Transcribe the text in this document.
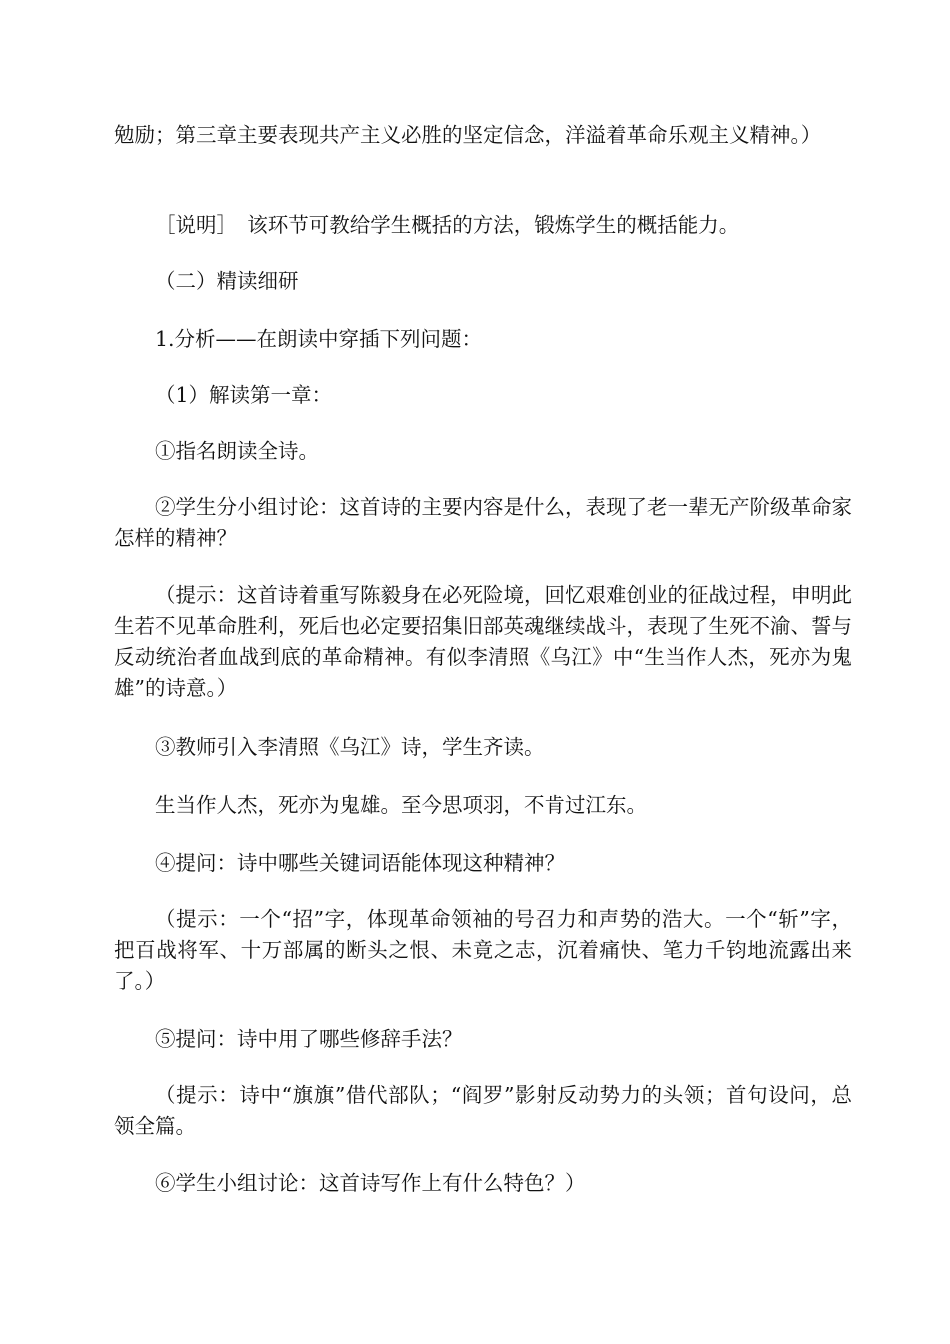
勉励；第三章主要表现共产主义必胜的坚定信念，洋溢着革命乐观主义精神。）

［说明］　该环节可教给学生概括的方法，锻炼学生的概括能力。

（二）精读细研

1.分析——在朗读中穿插下列问题：

（1）解读第一章：

①指名朗读全诗。

②学生分小组讨论：这首诗的主要内容是什么，表现了老一辈无产阶级革命家怎样的精神？

（提示：这首诗着重写陈毅身在必死险境，回忆艰难创业的征战过程，申明此生若不见革命胜利，死后也必定要招集旧部英魂继续战斗，表现了生死不渝、誓与反动统治者血战到底的革命精神。有似李清照《乌江》中“生当作人杰，死亦为鬼雄”的诗意。）

③教师引入李清照《乌江》诗，学生齐读。

生当作人杰，死亦为鬼雄。至今思项羽，不肯过江东。

④提问：诗中哪些关键词语能体现这种精神？

（提示：一个“招”字，体现革命领袖的号召力和声势的浩大。一个“斩”字，把百战将军、十万部属的断头之恨、未竟之志，沉着痛快、笔力千钧地流露出来了。）

⑤提问：诗中用了哪些修辞手法？

（提示：诗中“旗旗”借代部队；“阎罗”影射反动势力的头领；首句设问，总领全篇。

⑥学生小组讨论：这首诗写作上有什么特色？）
